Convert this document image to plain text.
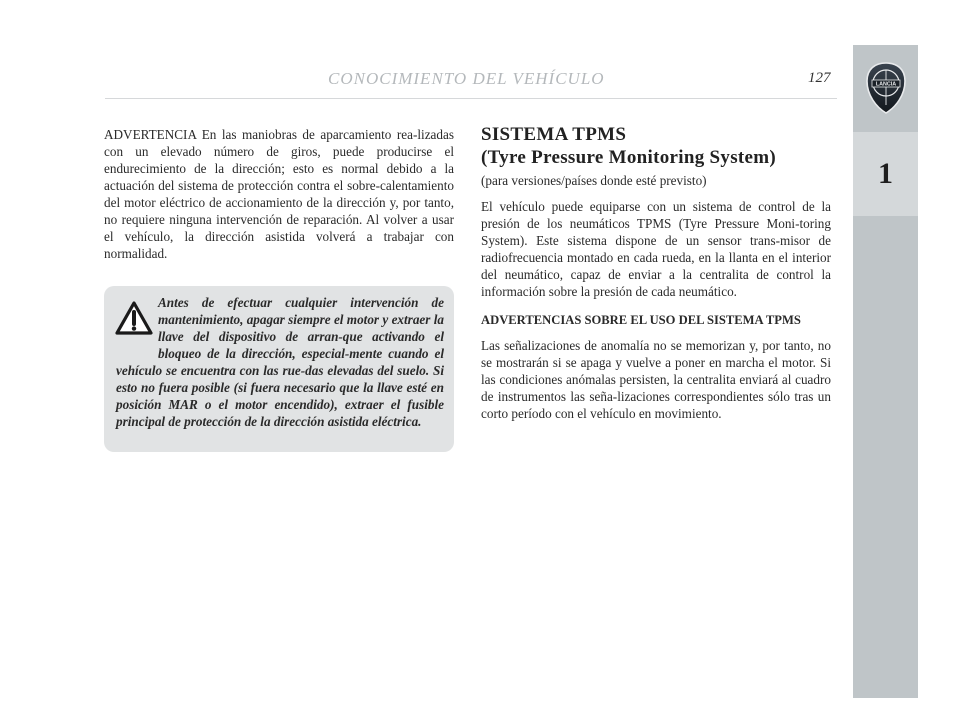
CONOCIMIENTO DEL VEHÍCULO	127	LANCIA
1

ADVERTENCIA En las maniobras de aparcamiento rea-lizadas con un elevado número de giros, puede producirse el endurecimiento de la dirección; esto es normal debido a la actuación del sistema de protección contra el sobre-calentamiento del motor eléctrico de accionamiento de la dirección y, por tanto, no requiere ninguna intervención de reparación. Al volver a usar el vehículo, la dirección asistida volverá a trabajar con normalidad.

Antes de efectuar cualquier intervención de mantenimiento, apagar siempre el motor y extraer la llave del dispositivo de arran-que activando el bloqueo de la dirección, especial-mente cuando el vehículo se encuentra con las rue-das elevadas del suelo. Si esto no fuera posible (si fuera necesario que la llave esté en posición MAR o el motor encendido), extraer el fusible principal de protección de la dirección asistida eléctrica.
SISTEMA TPMS
(Tyre Pressure Monitoring System)

(para versiones/países donde esté previsto)

El vehículo puede equiparse con un sistema de control de la presión de los neumáticos TPMS (Tyre Pressure Moni-toring System). Este sistema dispone de un sensor trans-misor de radiofrecuencia montado en cada rueda, en la llanta en el interior del neumático, capaz de enviar a la centralita de control la información sobre la presión de cada neumático.

ADVERTENCIAS SOBRE EL USO DEL SISTEMA TPMS

Las señalizaciones de anomalía no se memorizan y, por tanto, no se mostrarán si se apaga y vuelve a poner en marcha el motor. Si las condiciones anómalas persisten, la centralita enviará al cuadro de instrumentos las seña-lizaciones correspondientes sólo tras un corto período con el vehículo en movimiento.
